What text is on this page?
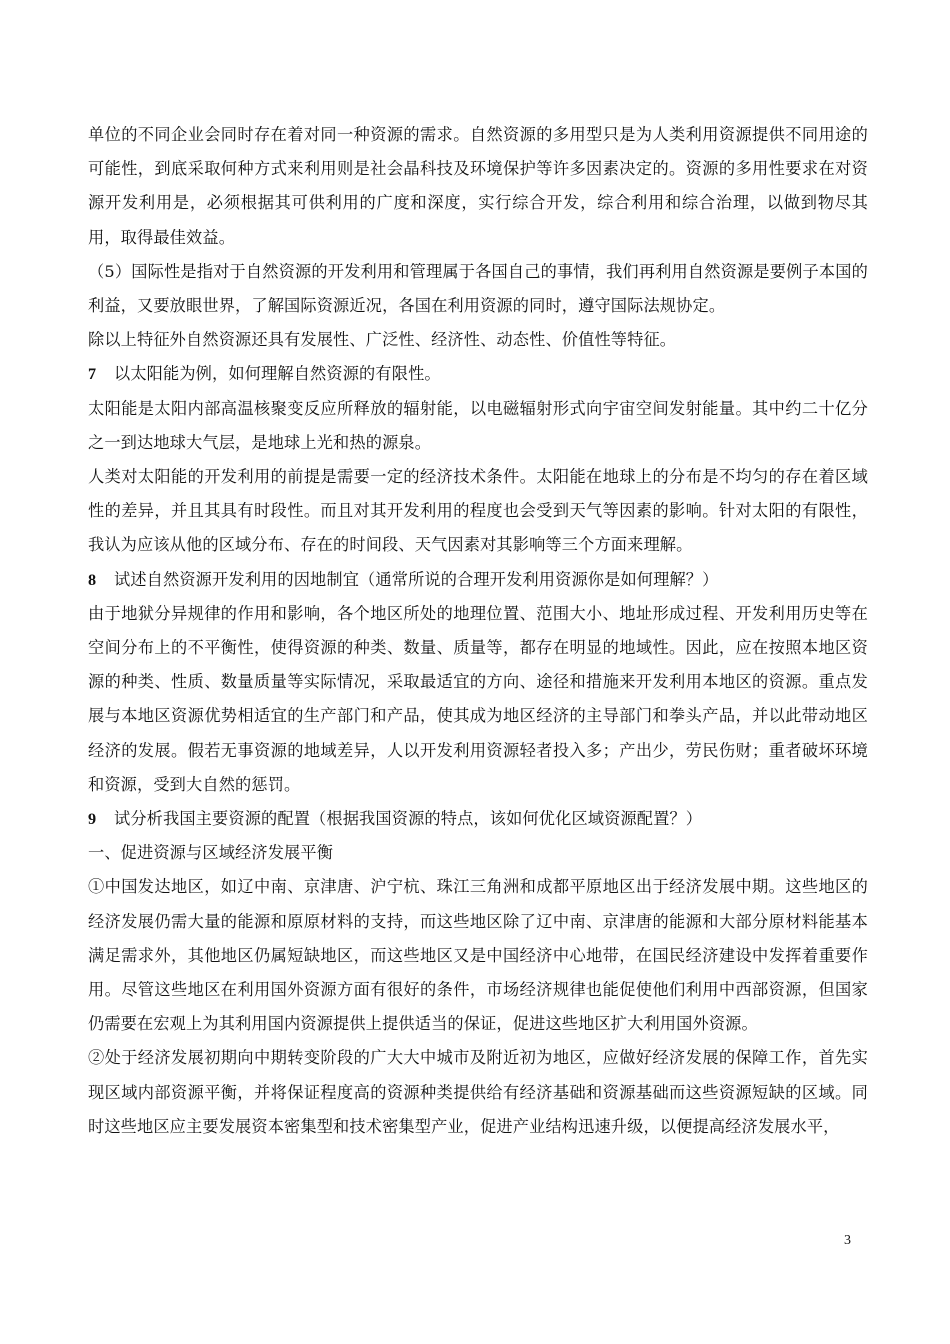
单位的不同企业会同时存在着对同一种资源的需求。自然资源的多用型只是为人类利用资源提供不同用途的可能性，到底采取何种方式来利用则是社会晶科技及环境保护等许多因素决定的。资源的多用性要求在对资源开发利用是，必须根据其可供利用的广度和深度，实行综合开发，综合利用和综合治理，以做到物尽其用，取得最佳效益。

（5）国际性是指对于自然资源的开发利用和管理属于各国自己的事情，我们再利用自然资源是要例子本国的利益，又要放眼世界，了解国际资源近况，各国在利用资源的同时，遵守国际法规协定。

除以上特征外自然资源还具有发展性、广泛性、经济性、动态性、价值性等特征。

7 以太阳能为例，如何理解自然资源的有限性。

太阳能是太阳内部高温核聚变反应所释放的辐射能，以电磁辐射形式向宇宙空间发射能量。其中约二十亿分之一到达地球大气层，是地球上光和热的源泉。

人类对太阳能的开发利用的前提是需要一定的经济技术条件。太阳能在地球上的分布是不均匀的存在着区域性的差异，并且其具有时段性。而且对其开发利用的程度也会受到天气等因素的影响。针对太阳的有限性，我认为应该从他的区域分布、存在的时间段、天气因素对其影响等三个方面来理解。

8 试述自然资源开发利用的因地制宜（通常所说的合理开发利用资源你是如何理解？）

由于地狱分异规律的作用和影响，各个地区所处的地理位置、范围大小、地址形成过程、开发利用历史等在空间分布上的不平衡性，使得资源的种类、数量、质量等，都存在明显的地域性。因此，应在按照本地区资源的种类、性质、数量质量等实际情况，采取最适宜的方向、途径和措施来开发利用本地区的资源。重点发展与本地区资源优势相适宜的生产部门和产品，使其成为地区经济的主导部门和拳头产品，并以此带动地区经济的发展。假若无事资源的地域差异，人以开发利用资源轻者投入多；产出少，劳民伤财；重者破坏环境和资源，受到大自然的惩罚。

9 试分析我国主要资源的配置（根据我国资源的特点，该如何优化区域资源配置？）

一、促进资源与区域经济发展平衡

①中国发达地区，如辽中南、京津唐、沪宁杭、珠江三角洲和成都平原地区出于经济发展中期。这些地区的经济发展仍需大量的能源和原原材料的支持，而这些地区除了辽中南、京津唐的能源和大部分原材料能基本满足需求外，其他地区仍属短缺地区，而这些地区又是中国经济中心地带，在国民经济建设中发挥着重要作用。尽管这些地区在利用国外资源方面有很好的条件，市场经济规律也能促使他们利用中西部资源，但国家仍需要在宏观上为其利用国内资源提供上提供适当的保证，促进这些地区扩大利用国外资源。

②处于经济发展初期向中期转变阶段的广大大中城市及附近初为地区，应做好经济发展的保障工作，首先实现区域内部资源平衡，并将保证程度高的资源种类提供给有经济基础和资源基础而这些资源短缺的区域。同时这些地区应主要发展资本密集型和技术密集型产业，促进产业结构迅速升级，以便提高经济发展水平，

3
